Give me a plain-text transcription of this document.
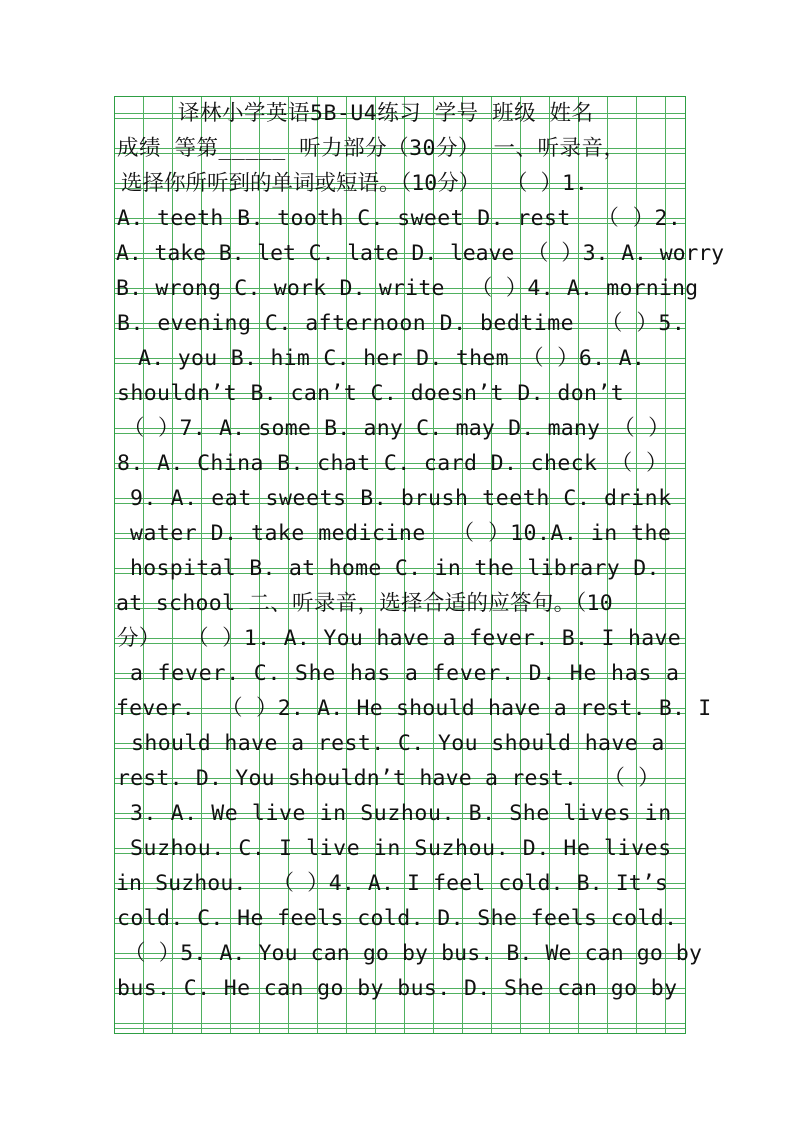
译林小学英语5B-U4练习 学号 班级 姓名
成绩 等第_____ 听力部分（30分） 一、听录音，
选择你所听到的单词或短语。（10分）  （ ）1.
A. teeth B. tooth C. sweet D. rest  （ ）2.
A. take B. let C. late D. leave （ ）3. A. worry
B. wrong C. work D. write  （ ）4. A. morning
B. evening C. afternoon D. bedtime  （ ）5.
A. you B. him C. her D. them （ ）6. A.
shouldn’t B. can’t C. doesn’t D. don’t
（ ）7. A. some B. any C. may D. many （ ）
8. A. China B. chat C. card D. check （ ）
9. A. eat sweets B. brush teeth C. drink
water D. take medicine  （ ）10.A. in the
hospital B. at home C. in the library D.
at school 二、听录音，选择合适的应答句。（10
分）  （ ）1. A. You have a fever. B. I have
a fever. C. She has a fever. D. He has a
fever.  （ ）2. A. He should have a rest. B. I
should have a rest. C. You should have a
rest. D. You shouldn’t have a rest.  （ ）
3. A. We live in Suzhou. B. She lives in
Suzhou. C. I live in Suzhou. D. He lives
in Suzhou.  （ ）4. A. I feel cold. B. It’s
cold. C. He feels cold. D. She feels cold.
（ ）5. A. You can go by bus. B. We can go by
bus. C. He can go by bus. D. She can go by
